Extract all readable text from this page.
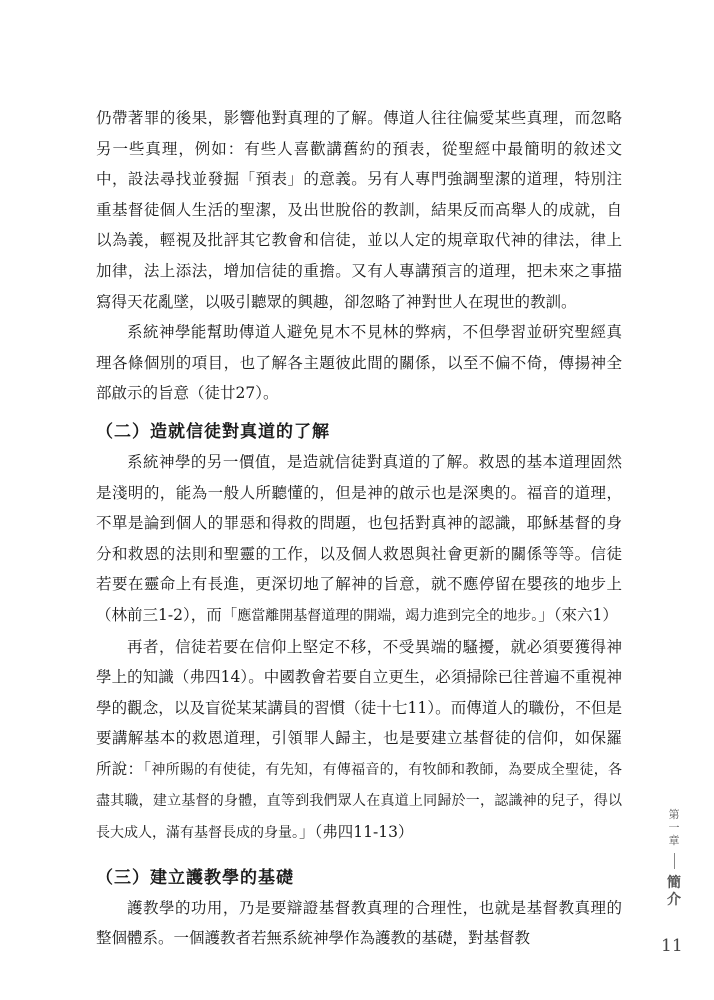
仍帶著罪的後果，影響他對真理的了解。傳道人往往偏愛某些真理，而忽略另一些真理，例如：有些人喜歡講舊約的預表，從聖經中最簡明的敘述文中，設法尋找並發掘「預表」的意義。另有人專門強調聖潔的道理，特別注重基督徒個人生活的聖潔，及出世脫俗的教訓，結果反而高舉人的成就，自以為義，輕視及批評其它教會和信徒，並以人定的規章取代神的律法，律上加律，法上添法，增加信徒的重擔。又有人專講預言的道理，把未來之事描寫得天花亂墜，以吸引聽眾的興趣，卻忽略了神對世人在現世的教訓。

系統神學能幫助傳道人避免見木不見林的弊病，不但學習並研究聖經真理各條個別的項目，也了解各主題彼此間的關係，以至不偏不倚，傳揚神全部啟示的旨意（徒廿27）。

（二）造就信徒對真道的了解

系統神學的另一價值，是造就信徒對真道的了解。救恩的基本道理固然是淺明的，能為一般人所聽懂的，但是神的啟示也是深奧的。福音的道理，不單是論到個人的罪惡和得救的問題，也包括對真神的認識，耶穌基督的身分和救恩的法則和聖靈的工作，以及個人救恩與社會更新的關係等等。信徒若要在靈命上有長進，更深切地了解神的旨意，就不應停留在嬰孩的地步上（林前三1-2），而「應當離開基督道理的開端，竭力進到完全的地步。」（來六1）

再者，信徒若要在信仰上堅定不移，不受異端的騷擾，就必須要獲得神學上的知識（弗四14）。中國教會若要自立更生，必須掃除已往普遍不重視神學的觀念，以及盲從某某講員的習慣（徒十七11）。而傳道人的職份，不但是要講解基本的救恩道理，引領罪人歸主，也是要建立基督徒的信仰，如保羅所說：「神所賜的有使徒，有先知，有傳福音的，有牧師和教師，為要成全聖徒，各盡其職，建立基督的身體，直等到我們眾人在真道上同歸於一，認識神的兒子，得以長大成人，滿有基督長成的身量。」（弗四11-13）

（三）建立護教學的基礎

護教學的功用，乃是要辯證基督教真理的合理性，也就是基督教真理的整個體系。一個護教者若無系統神學作為護教的基礎，對基督教

第一章
簡介
11
